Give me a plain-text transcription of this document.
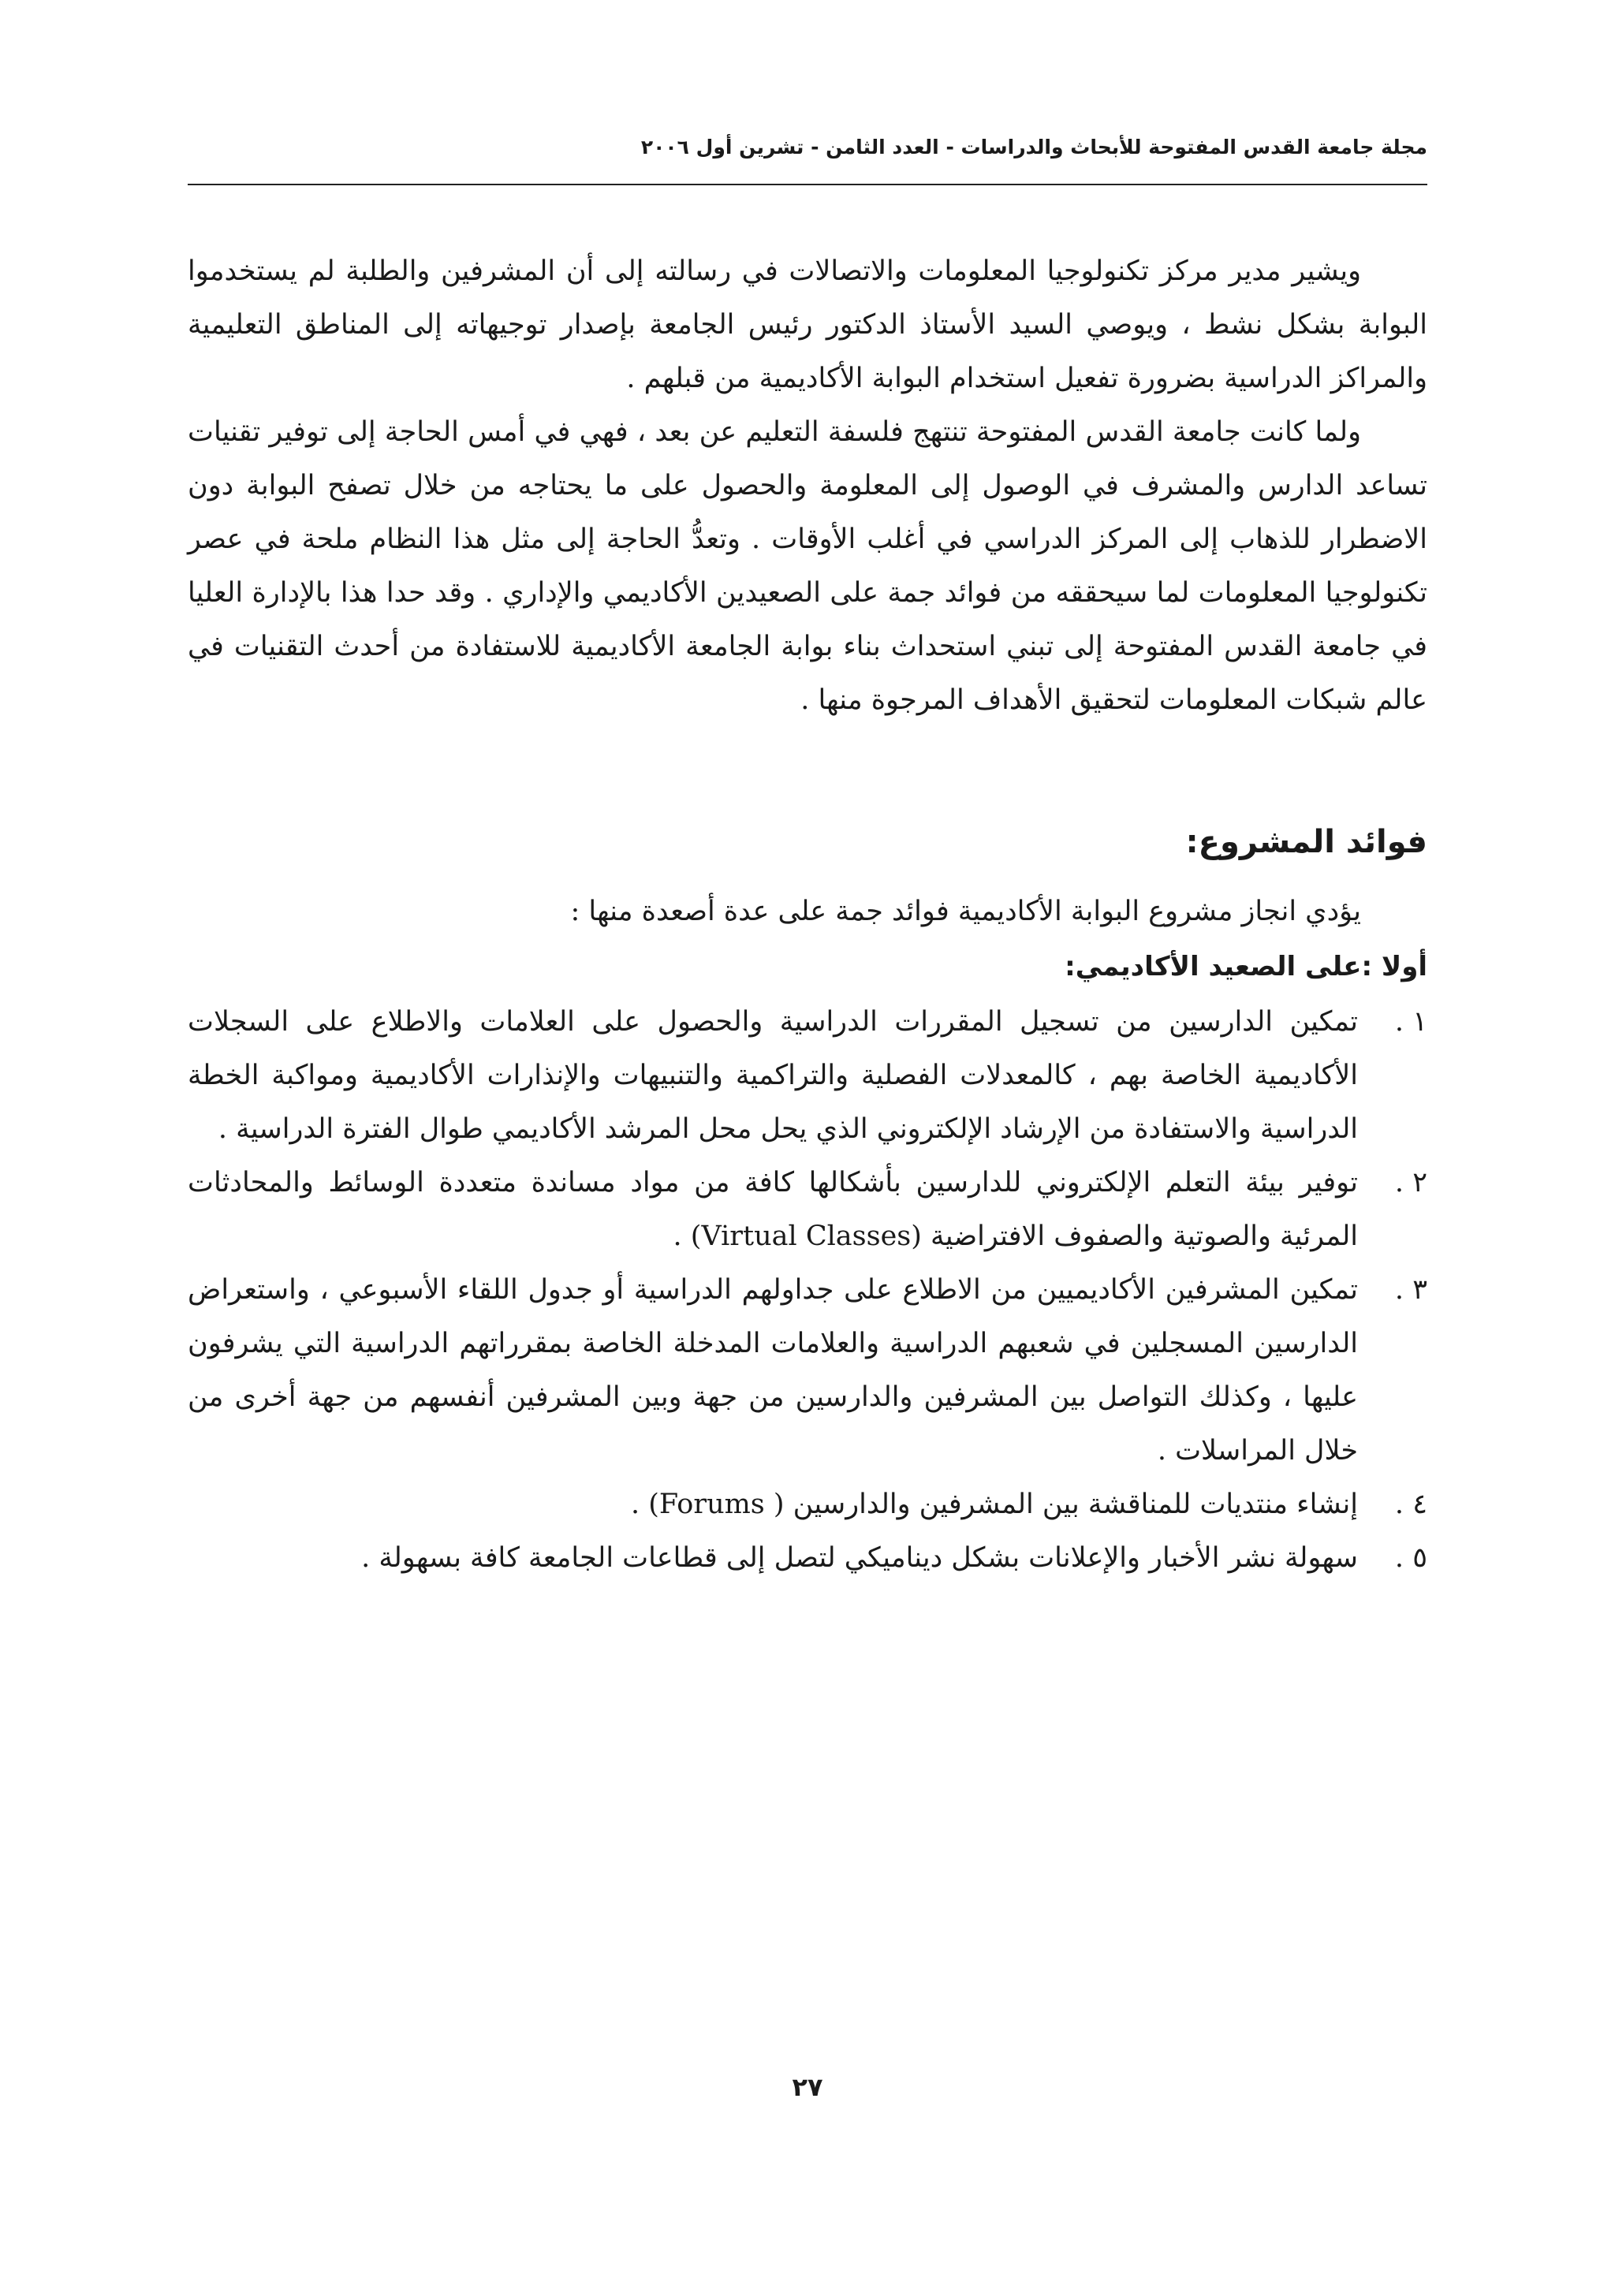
مجلة جامعة القدس المفتوحة للأبحاث والدراسات - العدد الثامن - تشرين أول ٢٠٠٦

ويشير مدير مركز تكنولوجيا المعلومات والاتصالات في رسالته إلى أن المشرفين والطلبة لم يستخدموا البوابة بشكل نشط ، ويوصي السيد الأستاذ الدكتور رئيس الجامعة بإصدار توجيهاته إلى المناطق التعليمية والمراكز الدراسية بضرورة تفعيل استخدام البوابة الأكاديمية من قبلهم .

ولما كانت جامعة القدس المفتوحة تنتهج فلسفة التعليم عن بعد ، فهي في أمس الحاجة إلى توفير تقنيات تساعد الدارس والمشرف في الوصول إلى المعلومة والحصول على ما يحتاجه من خلال تصفح البوابة دون الاضطرار للذهاب إلى المركز الدراسي في أغلب الأوقات . وتعدُّ الحاجة إلى مثل هذا النظام ملحة في عصر تكنولوجيا المعلومات لما سيحققه من فوائد جمة على الصعيدين الأكاديمي والإداري . وقد حدا هذا بالإدارة العليا في جامعة القدس المفتوحة إلى تبني استحداث بناء بوابة الجامعة الأكاديمية للاستفادة من أحدث التقنيات في عالم شبكات المعلومات لتحقيق الأهداف المرجوة منها .

فوائد المشروع:

يؤدي انجاز مشروع البوابة الأكاديمية فوائد جمة على عدة أصعدة منها :

أولا :على الصعيد الأكاديمي:
١ .
تمكين الدارسين من تسجيل المقررات الدراسية والحصول على العلامات والاطلاع على السجلات الأكاديمية الخاصة بهم ، كالمعدلات الفصلية والتراكمية والتنبيهات والإنذارات الأكاديمية ومواكبة الخطة الدراسية والاستفادة من الإرشاد الإلكتروني الذي يحل محل المرشد الأكاديمي طوال الفترة الدراسية .
٢ .
توفير بيئة التعلم الإلكتروني للدارسين بأشكالها كافة من مواد مساندة متعددة الوسائط والمحادثات المرئية والصوتية والصفوف الافتراضية (Virtual Classes) .
٣ .
تمكين المشرفين الأكاديميين من الاطلاع على جداولهم الدراسية أو جدول اللقاء الأسبوعي ، واستعراض الدارسين المسجلين في شعبهم الدراسية والعلامات المدخلة الخاصة بمقرراتهم الدراسية التي يشرفون عليها ، وكذلك التواصل بين المشرفين والدارسين من جهة وبين المشرفين أنفسهم من جهة أخرى من خلال المراسلات .
٤ .
إنشاء منتديات للمناقشة بين المشرفين والدارسين ( Forums) .
٥ .
سهولة نشر الأخبار والإعلانات بشكل ديناميكي لتصل إلى قطاعات الجامعة كافة بسهولة .
٢٧
